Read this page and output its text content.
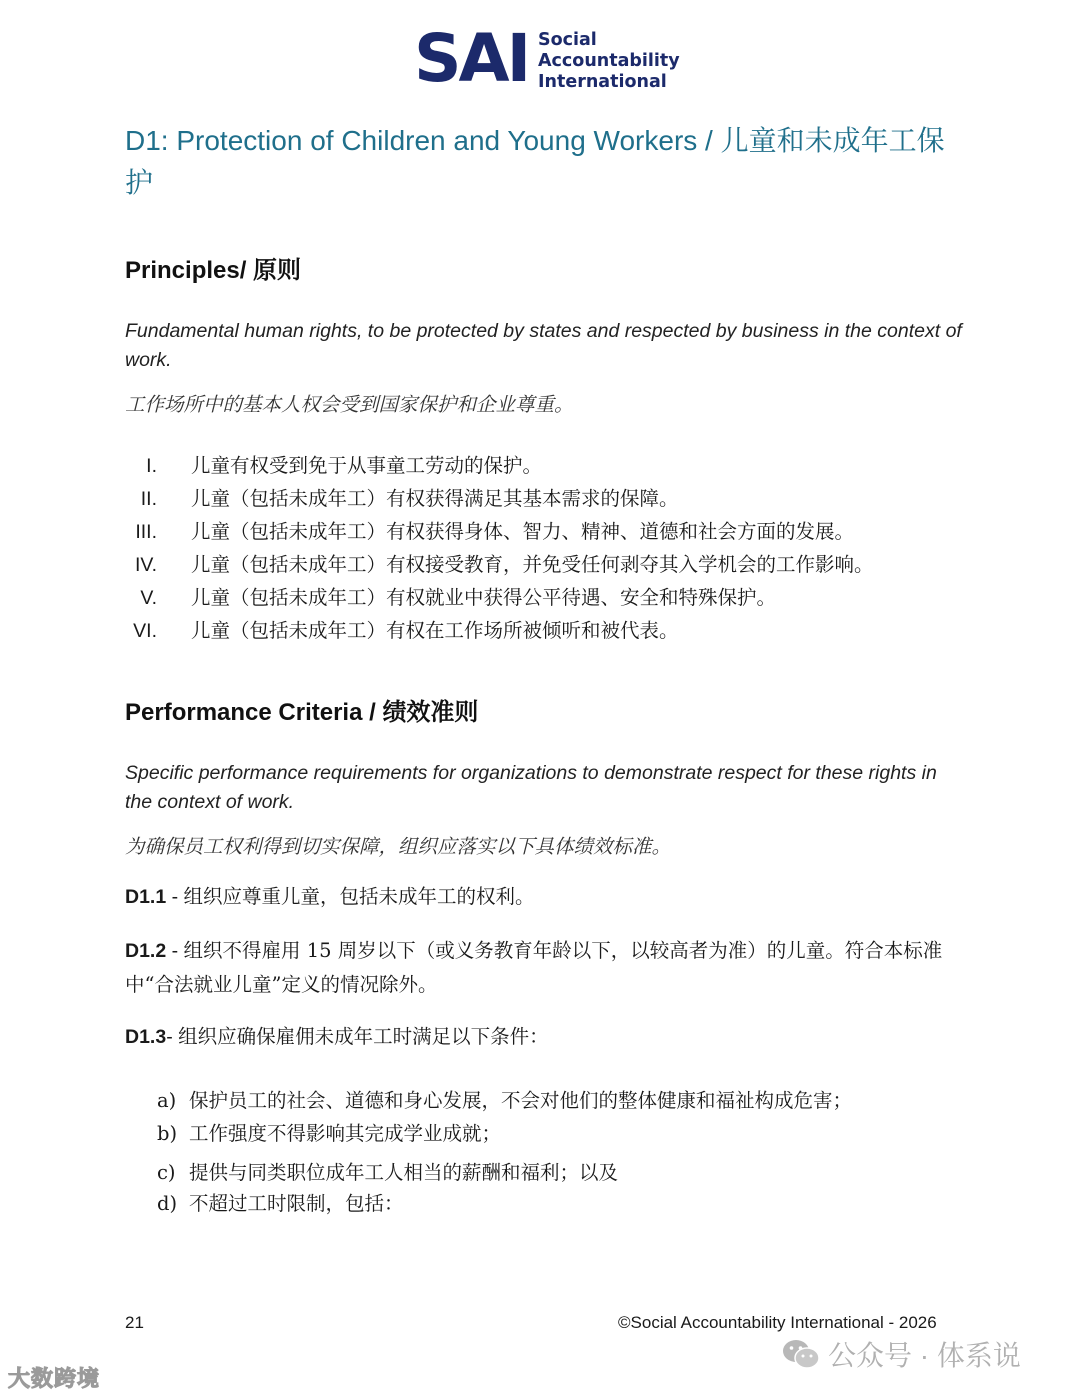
SAI Social
Accountability
International
D1: Protection of Children and Young Workers / 儿童和未成年工保护
Principles/ 原则
Fundamental human rights, to be protected by states and respected by business in the context of work.
工作场所中的基本人权会受到国家保护和企业尊重。
I. 儿童有权受到免于从事童工劳动的保护。
II. 儿童（包括未成年工）有权获得满足其基本需求的保障。
III. 儿童（包括未成年工）有权获得身体、智力、精神、道德和社会方面的发展。
IV. 儿童（包括未成年工）有权接受教育，并免受任何剥夺其入学机会的工作影响。
V. 儿童（包括未成年工）有权就业中获得公平待遇、安全和特殊保护。
VI. 儿童（包括未成年工）有权在工作场所被倾听和被代表。
Performance Criteria / 绩效准则
Specific performance requirements for organizations to demonstrate respect for these rights in the context of work.
为确保员工权利得到切实保障，组织应落实以下具体绩效标准。
D1.1 - 组织应尊重儿童，包括未成年工的权利。
D1.2 - 组织不得雇用 15 周岁以下（或义务教育年龄以下，以较高者为准）的儿童。符合本标准中“合法就业儿童”定义的情况除外。
D1.3- 组织应确保雇佣未成年工时满足以下条件：
a) 保护员工的社会、道德和身心发展，不会对他们的整体健康和福祉构成危害；
b) 工作强度不得影响其完成学业成就；
c) 提供与同类职位成年工人相当的薪酬和福利；以及
d) 不超过工时限制，包括：
21	©Social Accountability International - 2026
大数跨境
公众号 · 体系说
